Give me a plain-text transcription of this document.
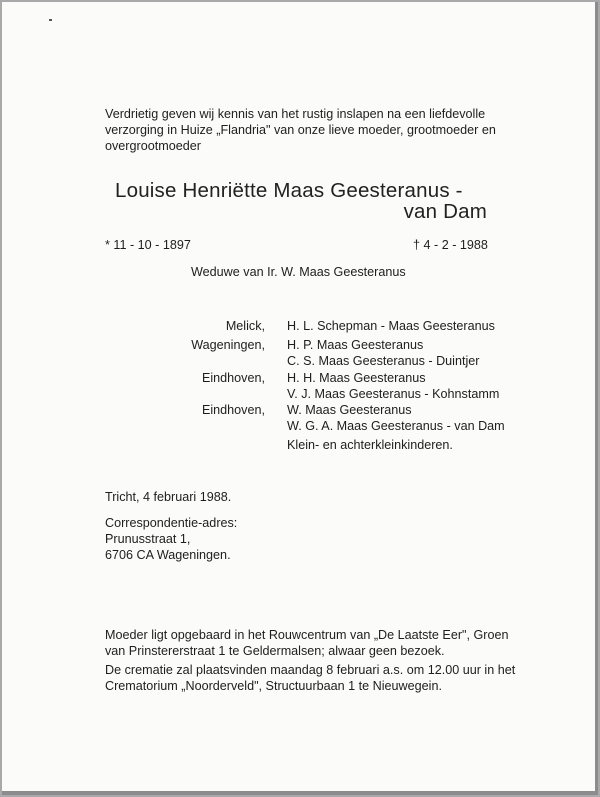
Verdrietig geven wij kennis van het rustig inslapen na een liefdevolle
verzorging in Huize „Flandria" van onze lieve moeder, grootmoeder en
overgrootmoeder
Louise Henriëtte Maas Geesteranus -
van Dam
* 11 - 10 - 1897	† 4 - 2 - 1988
Weduwe van Ir. W. Maas Geesteranus
Melick, H. L. Schepman - Maas Geesteranus
Wageningen, H. P. Maas Geesteranus
C. S. Maas Geesteranus - Duintjer
Eindhoven, H. H. Maas Geesteranus
V. J. Maas Geesteranus - Kohnstamm
Eindhoven, W. Maas Geesteranus
W. G. A. Maas Geesteranus - van Dam
Klein- en achterkleinkinderen.
Tricht, 4 februari 1988.
Correspondentie-adres:
Prunusstraat 1,
6706 CA Wageningen.
Moeder ligt opgebaard in het Rouwcentrum van „De Laatste Eer", Groen
van Prinstererstraat 1 te Geldermalsen; alwaar geen bezoek.
De crematie zal plaatsvinden maandag 8 februari a.s. om 12.00 uur in het
Crematorium „Noorderveld", Structuurbaan 1 te Nieuwegein.
